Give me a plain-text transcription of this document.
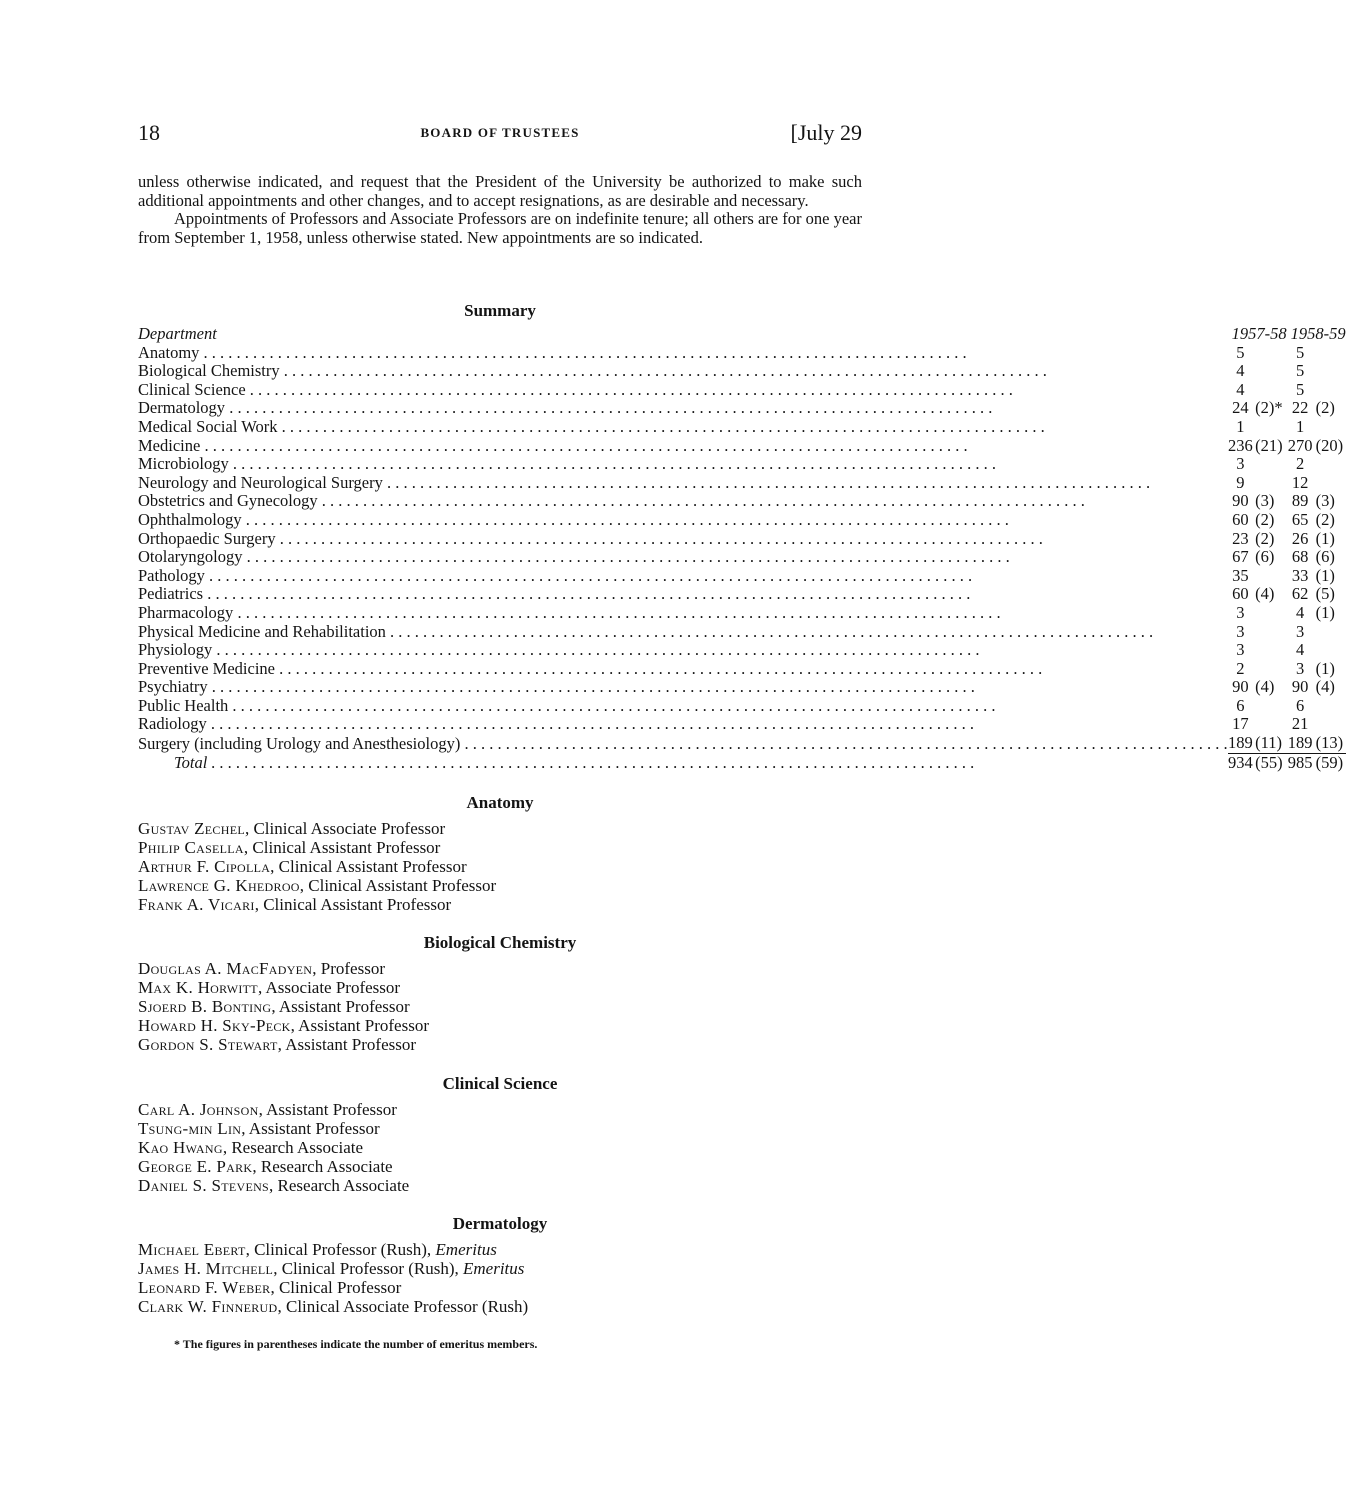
18	BOARD OF TRUSTEES	[July 29

unless otherwise indicated, and request that the President of the University be authorized to make such additional appointments and other changes, and to accept resignations, as are desirable and necessary.

Appointments of Professors and Associate Professors are on indefinite tenure; all others are for one year from September 1, 1958, unless otherwise stated. New appointments are so indicated.

Summary
Department	1957-58		1958-59	

Anatomy . . .	5		5	

Biological Chemistry . . .	4		5	

Clinical Science . . .	4		5	

Dermatology . . .	24	(2)*	22	(2)

Medical Social Work . . .	1		1	

Medicine . . .	236	(21)	270	(20)

Microbiology . . .	3		2	

Neurology and Neurological Surgery . . .	9		12	

Obstetrics and Gynecology . . .	90	(3)	89	(3)

Ophthalmology . . .	60	(2)	65	(2)

Orthopaedic Surgery . . .	23	(2)	26	(1)

Otolaryngology . . .	67	(6)	68	(6)

Pathology . . .	35		33	(1)

Pediatrics . . .	60	(4)	62	(5)

Pharmacology . . .	3		4	(1)

Physical Medicine and Rehabilitation . . .	3		3	

Physiology . . .	3		4	

Preventive Medicine . . .	2		3	(1)

Psychiatry . . .	90	(4)	90	(4)

Public Health . . .	6		6	

Radiology . . .	17		21	

Surgery (including Urology and Anesthesiology) . . .	189	(11)	189	(13)

Total . . .	934	(55)	985	(59)
Anatomy
Gustav Zechel, Clinical Associate Professor
Philip Casella, Clinical Assistant Professor
Arthur F. Cipolla, Clinical Assistant Professor
Lawrence G. Khedroo, Clinical Assistant Professor
Frank A. Vicari, Clinical Assistant Professor
Biological Chemistry
Douglas A. MacFadyen, Professor
Max K. Horwitt, Associate Professor
Sjoerd B. Bonting, Assistant Professor
Howard H. Sky-Peck, Assistant Professor
Gordon S. Stewart, Assistant Professor
Clinical Science
Carl A. Johnson, Assistant Professor
Tsung-min Lin, Assistant Professor
Kao Hwang, Research Associate
George E. Park, Research Associate
Daniel S. Stevens, Research Associate
Dermatology
Michael Ebert, Clinical Professor (Rush), Emeritus
James H. Mitchell, Clinical Professor (Rush), Emeritus
Leonard F. Weber, Clinical Professor
Clark W. Finnerud, Clinical Associate Professor (Rush)
* The figures in parentheses indicate the number of emeritus members.
